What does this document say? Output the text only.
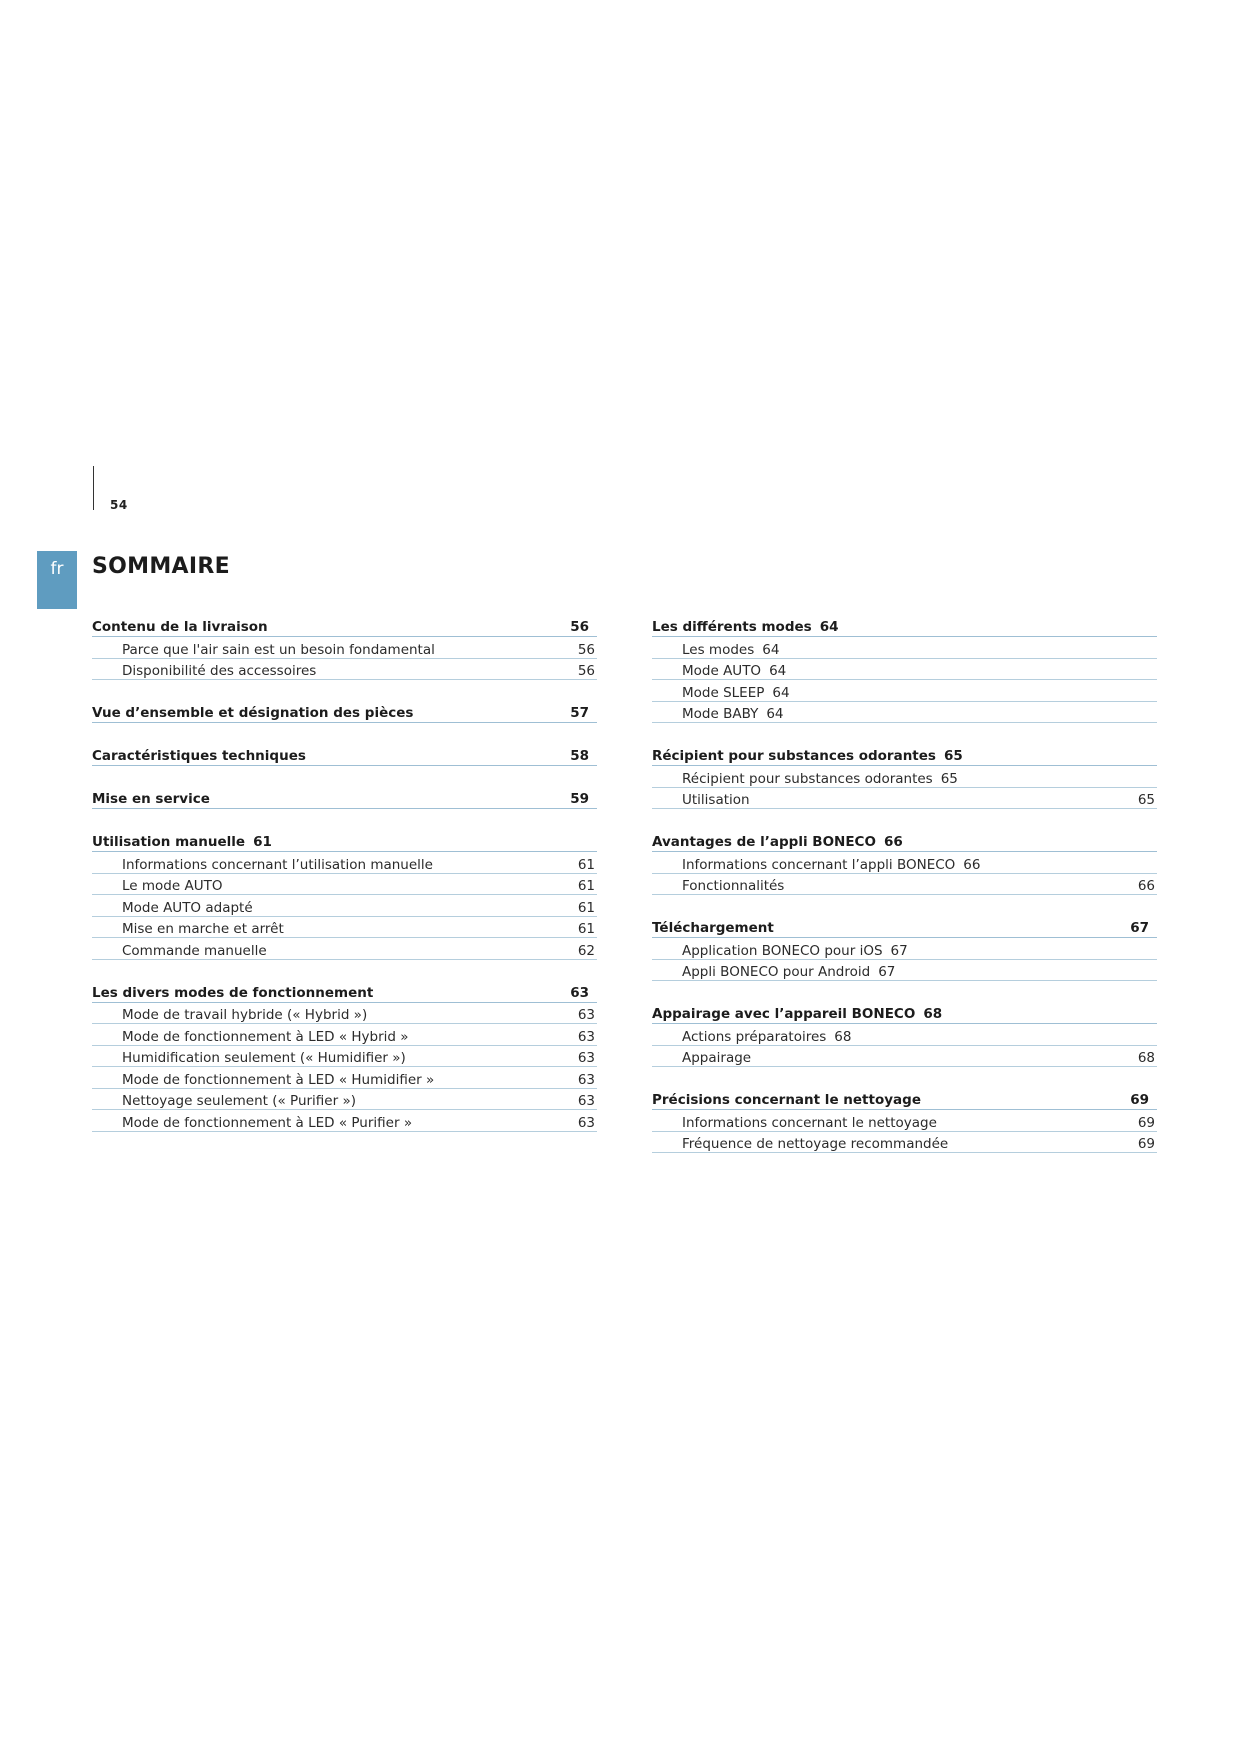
54
fr SOMMAIRE
Contenu de la livraison	56
Parce que l'air sain est un besoin fondamental	56
Disponibilité des accessoires	56
Vue d’ensemble et désignation des pièces	57
Caractéristiques techniques	58
Mise en service	59
Utilisation manuelle 61
Informations concernant l’utilisation manuelle	61
Le mode AUTO	61
Mode AUTO adapté	61
Mise en marche et arrêt	61
Commande manuelle	62
Les divers modes de fonctionnement	63
Mode de travail hybride (« Hybrid »)	63
Mode de fonctionnement à LED « Hybrid »	63
Humidification seulement (« Humidifier »)	63
Mode de fonctionnement à LED « Humidifier »	63
Nettoyage seulement (« Purifier »)	63
Mode de fonctionnement à LED « Purifier »	63
Les différents modes 64
Les modes 64
Mode AUTO 64
Mode SLEEP 64
Mode BABY 64
Récipient pour substances odorantes 65
Récipient pour substances odorantes 65
Utilisation	65
Avantages de l’appli BONECO 66
Informations concernant l’appli BONECO 66
Fonctionnalités	66
Téléchargement	67
Application BONECO pour iOS 67
Appli BONECO pour Android 67
Appairage avec l’appareil BONECO 68
Actions préparatoires 68
Appairage	68
Précisions concernant le nettoyage	69
Informations concernant le nettoyage	69
Fréquence de nettoyage recommandée	69
